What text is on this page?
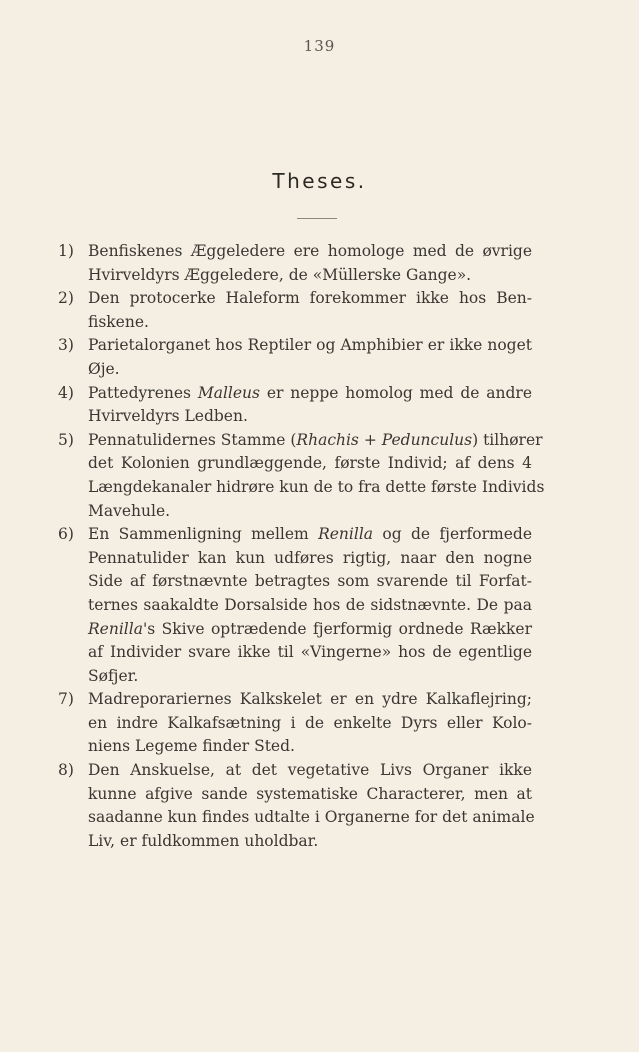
139
Theses.
1) Benfiskenes Æggeledere ere homologe med de øvrige
Hvirveldyrs Æggeledere, de «Müllerske Gange».
2) Den protocerke Haleform forekommer ikke hos Ben-
fiskene.
3) Parietalorganet hos Reptiler og Amphibier er ikke noget
Øje.
4) Pattedyrenes Malleus er neppe homolog med de andre
Hvirveldyrs Ledben.
5) Pennatulidernes Stamme (Rhachis + Pedunculus) tilhører
det Kolonien grundlæggende, første Individ; af dens 4
Længdekanaler hidrøre kun de to fra dette første Individs
Mavehule.
6) En Sammenligning mellem Renilla og de fjerformede
Pennatulider kan kun udføres rigtig, naar den nogne
Side af førstnævnte betragtes som svarende til Forfat-
ternes saakaldte Dorsalside hos de sidstnævnte. De paa
Renilla's Skive optrædende fjerformig ordnede Rækker
af Individer svare ikke til «Vingerne» hos de egentlige
Søfjer.
7) Madreporariernes Kalkskelet er en ydre Kalkaflejring;
en indre Kalkafsætning i de enkelte Dyrs eller Kolo-
niens Legeme finder Sted.
8) Den Anskuelse, at det vegetative Livs Organer ikke
kunne afgive sande systematiske Characterer, men at
saadanne kun findes udtalte i Organerne for det animale
Liv, er fuldkommen uholdbar.
